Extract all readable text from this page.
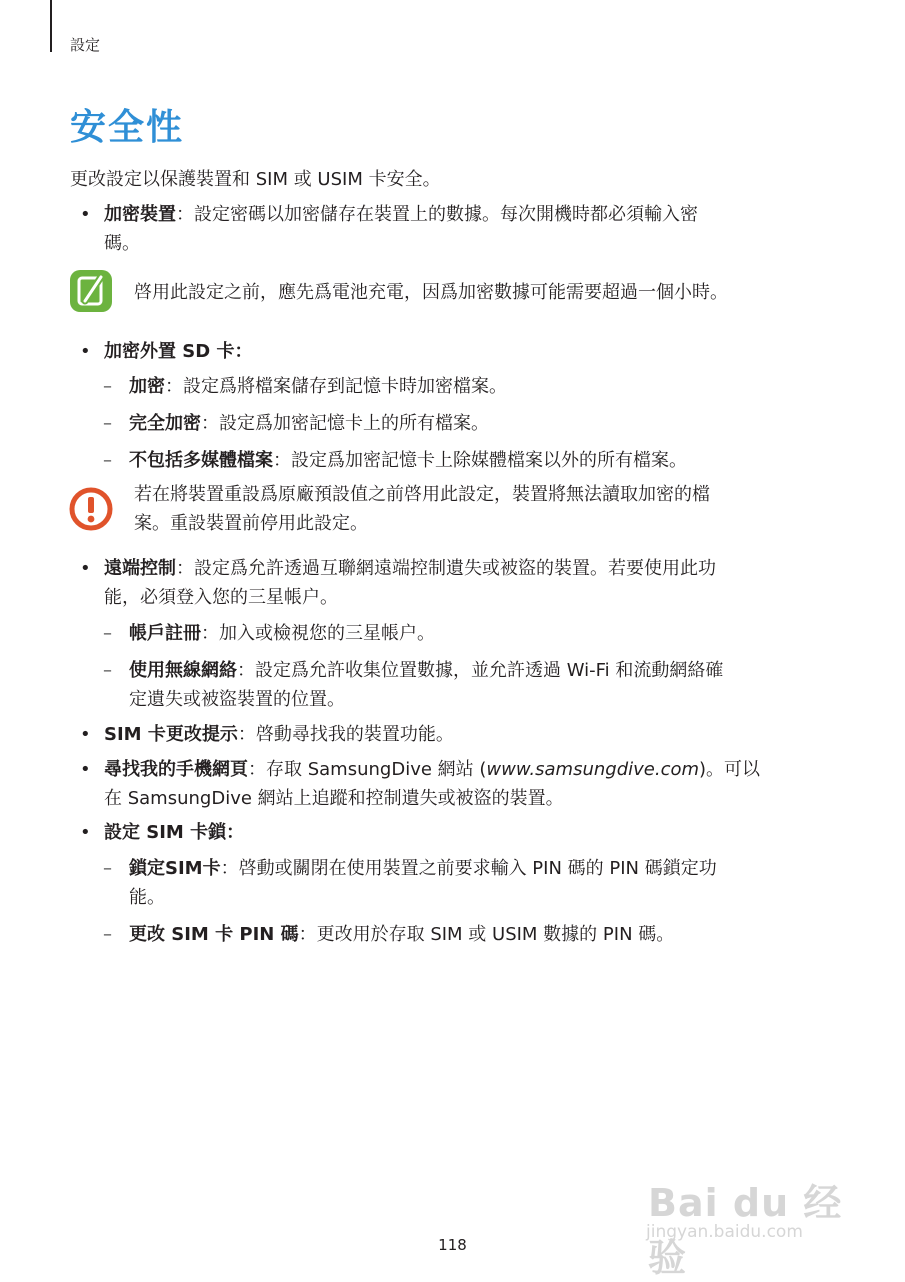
設定
安全性
更改設定以保護裝置和 SIM 或 USIM 卡安全。
• 加密裝置：設定密碼以加密儲存在裝置上的數據。每次開機時都必須輸入密
碼。
啓用此設定之前，應先爲電池充電，因爲加密數據可能需要超過一個小時。
• 加密外置 SD 卡：
– 加密：設定爲將檔案儲存到記憶卡時加密檔案。
– 完全加密：設定爲加密記憶卡上的所有檔案。
– 不包括多媒體檔案：設定爲加密記憶卡上除媒體檔案以外的所有檔案。
若在將裝置重設爲原廠預設值之前啓用此設定，裝置將無法讀取加密的檔
案。重設裝置前停用此設定。
• 遠端控制：設定爲允許透過互聯網遠端控制遺失或被盜的裝置。若要使用此功
能，必須登入您的三星帳户。
– 帳戶註冊：加入或檢視您的三星帳户。
– 使用無線網絡：設定爲允許收集位置數據，並允許透過 Wi-Fi 和流動網絡確
定遺失或被盜裝置的位置。
• SIM 卡更改提示：啓動尋找我的裝置功能。
• 尋找我的手機網頁：存取 SamsungDive 網站 (www.samsungdive.com)。可以
在 SamsungDive 網站上追蹤和控制遺失或被盜的裝置。
• 設定 SIM 卡鎖：
– 鎖定SIM卡：啓動或關閉在使用裝置之前要求輸入 PIN 碼的 PIN 碼鎖定功
能。
– 更改 SIM 卡 PIN 碼：更改用於存取 SIM 或 USIM 數據的 PIN 碼。
Bai du 经验
jingyan.baidu.com
118
